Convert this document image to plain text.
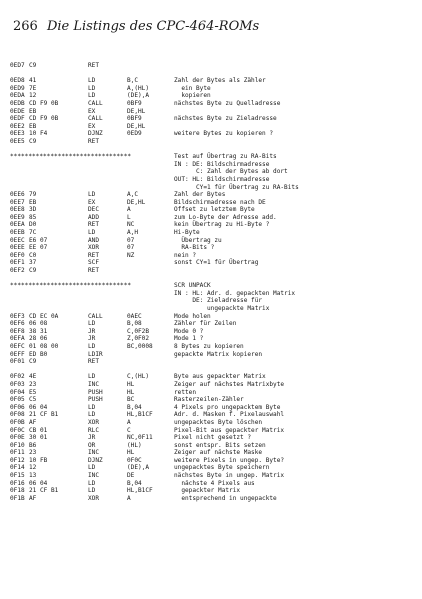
266 Die Listings des CPC-464-ROMs
0ED7 C9	RET
0ED8 41	LD	B,C	Zahl der Bytes als Zähler
0ED9 7E	LD	A,(HL)	ein Byte
0EDA 12	LD	(DE),A	kopieren
0EDB CD F9 0B	CALL	0BF9	nächstes Byte zu Quelladresse
0EDE EB	EX	DE,HL
0EDF CD F9 0B	CALL	0BF9	nächstes Byte zu Zieladresse
0EE2 EB	EX	DE,HL
0EE3 10 F4	DJNZ	0ED9	weitere Bytes zu kopieren ?
0EE5 C9	RET
*********************************	Test auf Übertrag zu RA-Bits
IN : DE: Bildschirmadresse
C: Zahl der Bytes ab dort
OUT: HL: Bildschirmadresse
CY=1 für Übertrag zu RA-Bits
0EE6 79	LD	A,C	Zahl der Bytes
0EE7 EB	EX	DE,HL	Bildschirmadresse nach DE
0EE8 3D	DEC	A	Offset zu letztem Byte
0EE9 85	ADD	L	zum Lo-Byte der Adresse add.
0EEA D0	RET	NC	kein Übertrag zu Hi-Byte ?
0EEB 7C	LD	A,H	Hi-Byte
0EEC E6 07	AND	07	Übertrag zu
0EEE EE 07	XOR	07	RA-Bits ?
0EF0 C0	RET	NZ	nein ?
0EF1 37	SCF	sonst CY=1 für Übertrag
0EF2 C9	RET
*********************************	SCR UNPACK
IN : HL: Adr. d. gepackten Matrix
DE: Zieladresse für
ungepackte Matrix
0EF3 CD EC 0A	CALL	0AEC	Mode holen
0EF6 06 08	LD	B,08	Zähler für Zeilen
0EF8 38 31	JR	C,0F2B	Mode 0 ?
0EFA 28 06	JR	Z,0F02	Mode 1 ?
0EFC 01 08 00	LD	BC,0008	8 Bytes zu kopieren
0EFF ED B0	LDIR	gepackte Matrix kopieren
0F01 C9	RET
0F02 4E	LD	C,(HL)	Byte aus gepackter Matrix
0F03 23	INC	HL	Zeiger auf nächstes Matrixbyte
0F04 E5	PUSH	HL	retten
0F05 C5	PUSH	BC	Rasterzeilen-Zähler
0F06 06 04	LD	B,04	4 Pixels pro ungepacktem Byte
0F08 21 CF B1	LD	HL,B1CF	Adr. d. Masken f. Pixelauswahl
0F0B AF	XOR	A	ungepacktes Byte löschen
0F0C CB 01	RLC	C	Pixel-Bit aus gepackter Matrix
0F0E 30 01	JR	NC,0F11	Pixel nicht gesetzt ?
0F10 B6	OR	(HL)	sonst entspr. Bits setzen
0F11 23	INC	HL	Zeiger auf nächste Maske
0F12 10 FB	DJNZ	0F0C	weitere Pixels in ungep. Byte?
0F14 12	LD	(DE),A	ungepacktes Byte speichern
0F15 13	INC	DE	nächstes Byte in ungep. Matrix
0F16 06 04	LD	B,04	nächste 4 Pixels aus
0F18 21 CF B1	LD	HL,B1CF	gepackter Matrix
0F1B AF	XOR	A	entsprechend in ungepackte
